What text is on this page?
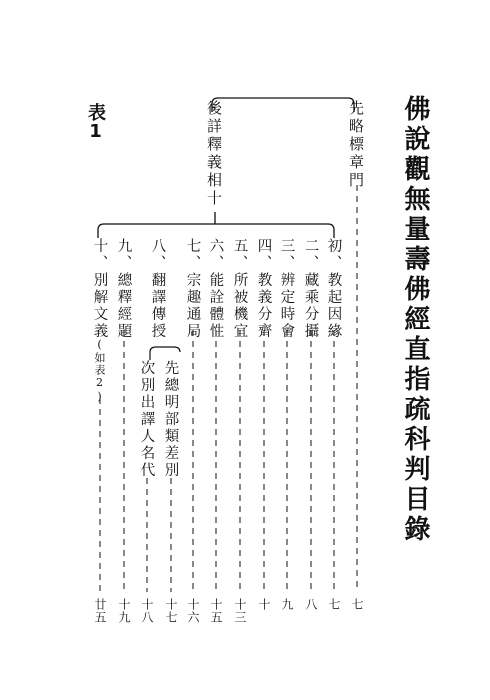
佛說觀無量壽佛經直指疏科判目錄
表1	先略標章門
後詳釋義相十
初、教起因緣
二、藏乘分攝
三、辨定時會
四、教義分齊
五、所被機宜
六、能詮體性
七、宗趣通局
八、翻譯傳授
九、總釋經題
十、別解文義
(如表2)	先總明部類差別
次別出譯人名代
七
七
八
九
十
十三
十五
十六
十七
十八
十九
廿五
